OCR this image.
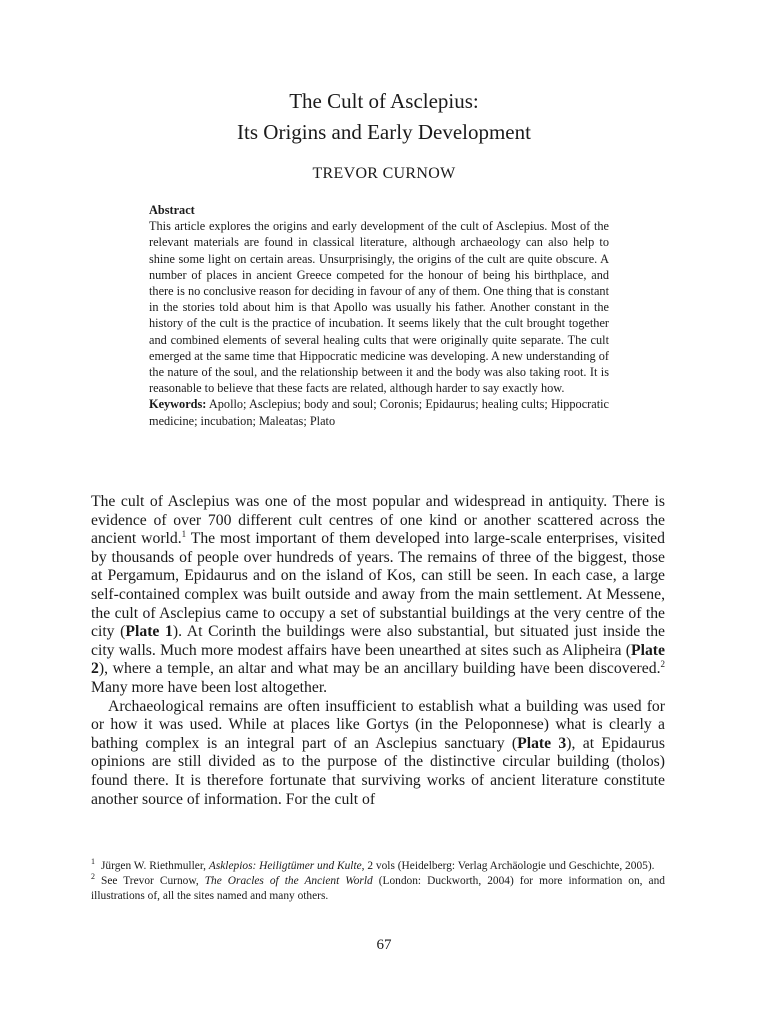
The Cult of Asclepius:
Its Origins and Early Development
TREVOR CURNOW
Abstract

This article explores the origins and early development of the cult of Asclepius. Most of the relevant materials are found in classical literature, although archaeology can also help to shine some light on certain areas. Unsurprisingly, the origins of the cult are quite obscure. A number of places in ancient Greece competed for the honour of being his birthplace, and there is no conclusive reason for deciding in favour of any of them. One thing that is constant in the stories told about him is that Apollo was usually his father. Another constant in the history of the cult is the practice of incubation. It seems likely that the cult brought together and combined elements of several healing cults that were originally quite separate. The cult emerged at the same time that Hippocratic medicine was developing. A new understanding of the nature of the soul, and the relationship between it and the body was also taking root. It is reasonable to believe that these facts are related, although harder to say exactly how.

Keywords: Apollo; Asclepius; body and soul; Coronis; Epidaurus; healing cults; Hippocratic medicine; incubation; Maleatas; Plato

The cult of Asclepius was one of the most popular and widespread in antiquity. There is evidence of over 700 different cult centres of one kind or another scattered across the ancient world.$^1$ The most important of them developed into large-scale enterprises, visited by thousands of people over hundreds of years. The remains of three of the biggest, those at Pergamum, Epidaurus and on the island of Kos, can still be seen. In each case, a large self-contained complex was built outside and away from the main settlement. At Messene, the cult of Asclepius came to occupy a set of substantial buildings at the very centre of the city (Plate 1). At Corinth the buildings were also substantial, but situated just inside the city walls. Much more modest affairs have been unearthed at sites such as Alipheira (Plate 2), where a temple, an altar and what may be an ancillary building have been discovered.$^2$ Many more have been lost altogether.

Archaeological remains are often insufficient to establish what a building was used for or how it was used. While at places like Gortys (in the Peloponnese) what is clearly a bathing complex is an integral part of an Asclepius sanctuary (Plate 3), at Epidaurus opinions are still divided as to the purpose of the distinctive circular building (tholos) found there. It is therefore fortunate that surviving works of ancient literature constitute another source of information. For the cult of

$^1$ Jürgen W. Riethmuller, Asklepios: Heiligtümer und Kulte, 2 vols (Heidelberg: Verlag Archäologie und Geschichte, 2005).

$^2$ See Trevor Curnow, The Oracles of the Ancient World (London: Duckworth, 2004) for more information on, and illustrations of, all the sites named and many others.

67
